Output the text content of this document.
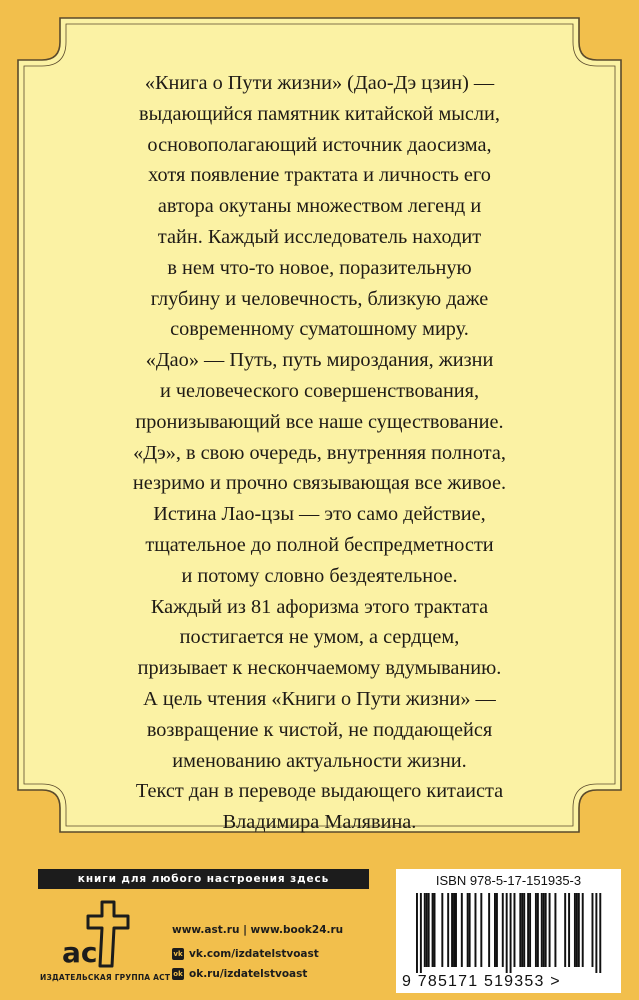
«Книга о Пути жизни» (Дао-Дэ цзин) —
выдающийся памятник китайской мысли,
основополагающий источник даосизма,
хотя появление трактата и личность его
автора окутаны множеством легенд и
тайн. Каждый исследователь находит
в нем что-то новое, поразительную
глубину и человечность, близкую даже
современному суматошному миру.
«Дао» — Путь, путь мироздания, жизни
и человеческого совершенствования,
пронизывающий все наше существование.
«Дэ», в свою очередь, внутренняя полнота,
незримо и прочно связывающая все живое.
Истина Лао-цзы — это само действие,
тщательное до полной беспредметности
и потому словно бездеятельное.
Каждый из 81 афоризма этого трактата
постигается не умом, а сердцем,
призывает к нескончаемому вдумыванию.
А цель чтения «Книги о Пути жизни» —
возвращение к чистой, не поддающейся
именованию актуальности жизни.
Текст дан в переводе выдающего китаиста
Владимира Малявина.
книги для любого настроения здесь
ac
ИЗДАТЕЛЬСКАЯ ГРУППА АСТ
www.ast.ru | www.book24.ru
vk vk.com/izdatelstvoast
ok ok.ru/izdatelstvoast
ISBN 978-5-17-151935-3
9 785171 519353 >
